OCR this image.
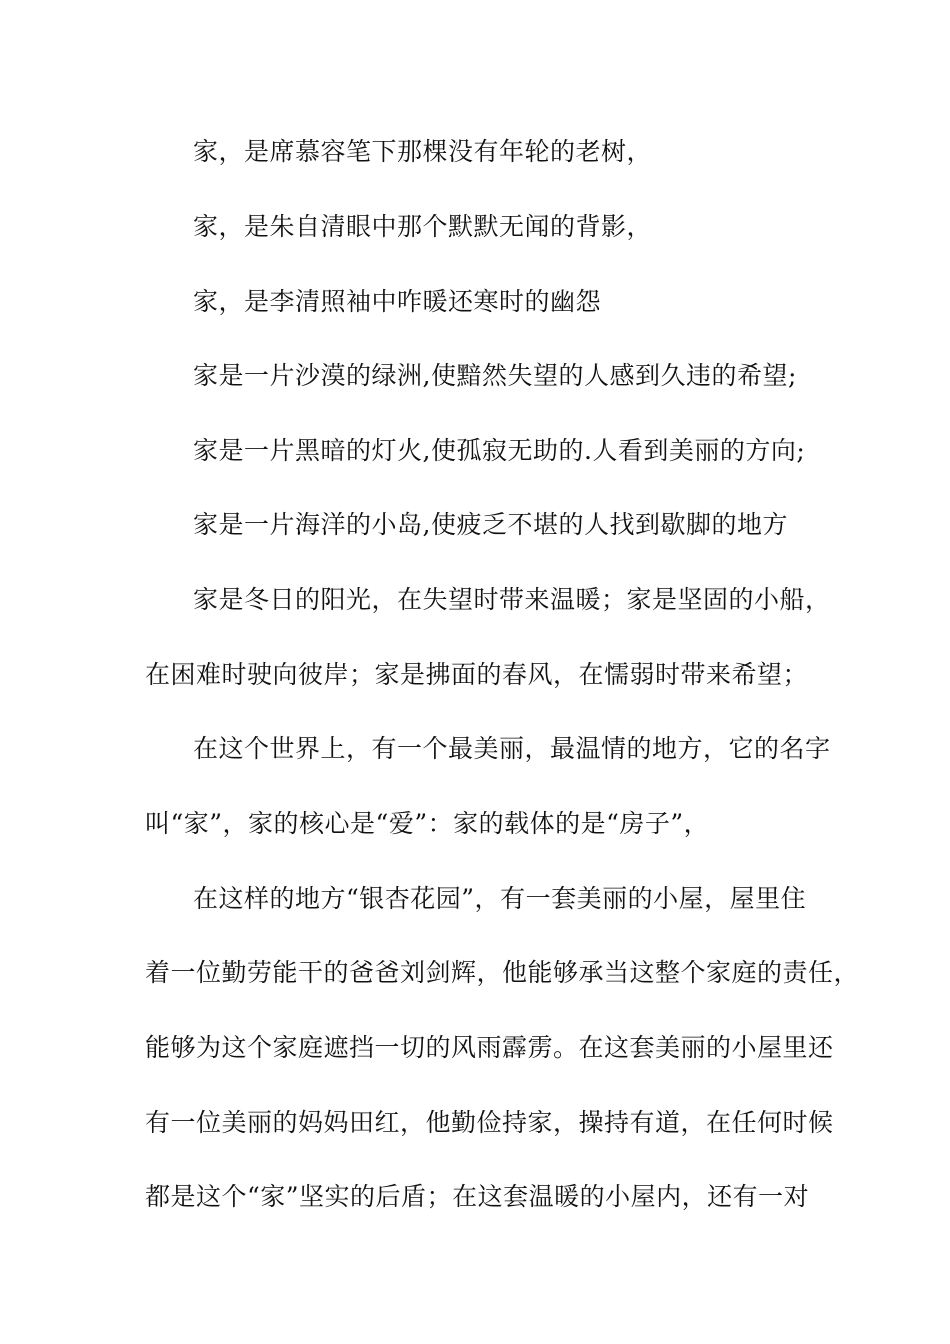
家，是席慕容笔下那棵没有年轮的老树，
家，是朱自清眼中那个默默无闻的背影，
家，是李清照袖中咋暖还寒时的幽怨
家是一片沙漠的绿洲,使黯然失望的人感到久违的希望;
家是一片黑暗的灯火,使孤寂无助的.人看到美丽的方向;
家是一片海洋的小岛,使疲乏不堪的人找到歇脚的地方
家是冬日的阳光，在失望时带来温暖；家是坚固的小船，
在困难时驶向彼岸；家是拂面的春风，在懦弱时带来希望；
在这个世界上，有一个最美丽，最温情的地方，它的名字
叫“家”，家的核心是“爱”：家的载体的是“房子”，
在这样的地方“银杏花园”，有一套美丽的小屋，屋里住
着一位勤劳能干的爸爸刘剑辉，他能够承当这整个家庭的责任，
能够为这个家庭遮挡一切的风雨霹雳。在这套美丽的小屋里还
有一位美丽的妈妈田红，他勤俭持家，操持有道，在任何时候
都是这个“家”坚实的后盾；在这套温暖的小屋内，还有一对
